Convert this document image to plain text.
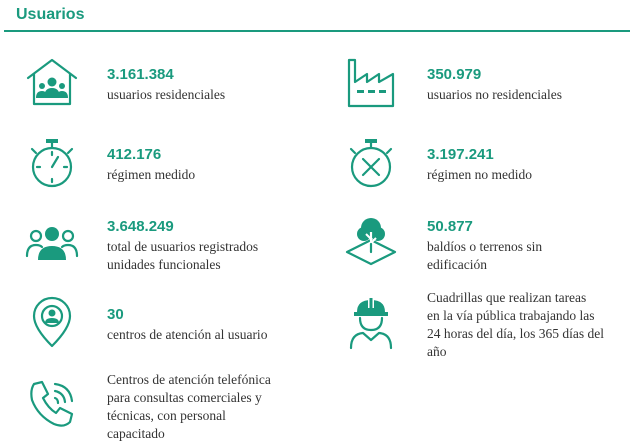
Usuarios
3.161.384
usuarios residenciales
350.979
usuarios no residenciales
412.176
régimen medido
3.197.241
régimen no medido
3.648.249
total de usuarios registrados
unidades funcionales
50.877
baldíos o terrenos sin
edificación
30
centros de atención al usuario
Cuadrillas que realizan tareas
en la vía pública trabajando las
24 horas del día, los 365 días del
año
Centros de atención telefónica
para consultas comerciales y
técnicas, con personal
capacitado
